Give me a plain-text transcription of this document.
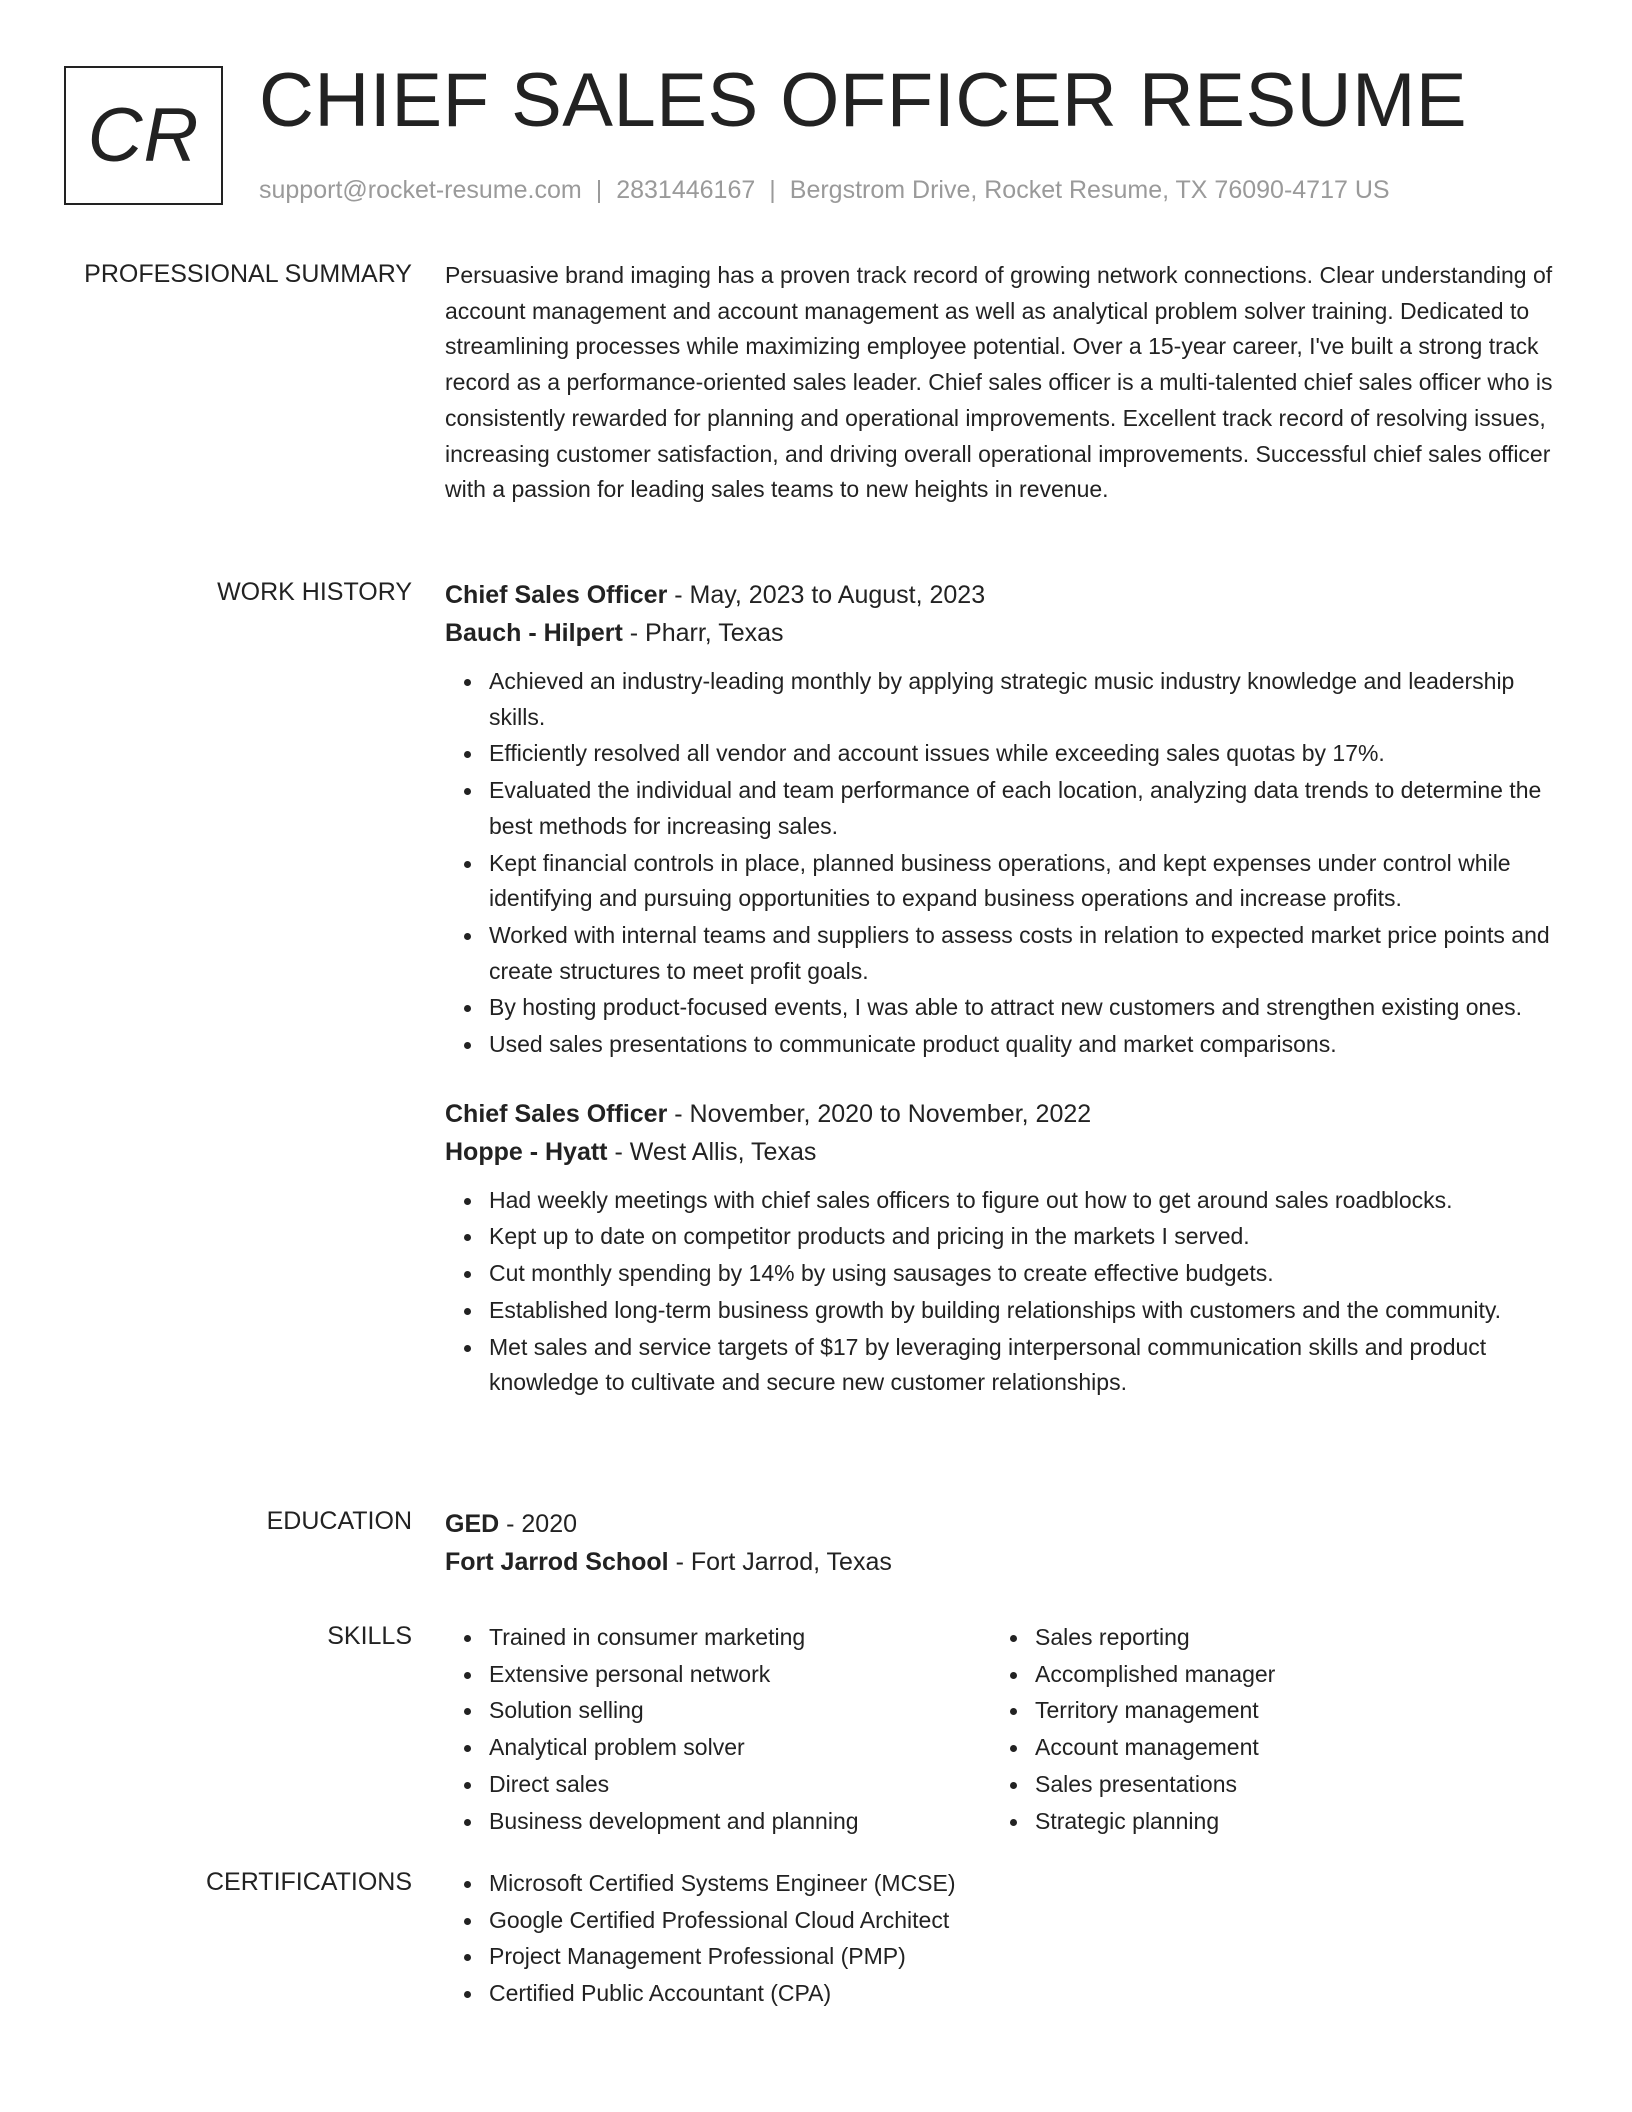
CR CHIEF SALES OFFICER RESUME
support@rocket-resume.com | 2831446167 | Bergstrom Drive, Rocket Resume, TX 76090-4717 US
PROFESSIONAL SUMMARY Persuasive brand imaging has a proven track record of growing network connections. Clear understanding of account management and account management as well as analytical problem solver training. Dedicated to streamlining processes while maximizing employee potential. Over a 15-year career, I've built a strong track record as a performance-oriented sales leader. Chief sales officer is a multi-talented chief sales officer who is consistently rewarded for planning and operational improvements. Excellent track record of resolving issues, increasing customer satisfaction, and driving overall operational improvements. Successful chief sales officer with a passion for leading sales teams to new heights in revenue.

WORK HISTORY Chief Sales Officer - May, 2023 to August, 2023
Bauch - Hilpert - Pharr, Texas
Achieved an industry-leading monthly by applying strategic music industry knowledge and leadership skills.
Efficiently resolved all vendor and account issues while exceeding sales quotas by 17%.
Evaluated the individual and team performance of each location, analyzing data trends to determine the best methods for increasing sales.
Kept financial controls in place, planned business operations, and kept expenses under control while identifying and pursuing opportunities to expand business operations and increase profits.
Worked with internal teams and suppliers to assess costs in relation to expected market price points and create structures to meet profit goals.
By hosting product-focused events, I was able to attract new customers and strengthen existing ones.
Used sales presentations to communicate product quality and market comparisons.
Chief Sales Officer - November, 2020 to November, 2022
Hoppe - Hyatt - West Allis, Texas
Had weekly meetings with chief sales officers to figure out how to get around sales roadblocks.
Kept up to date on competitor products and pricing in the markets I served.
Cut monthly spending by 14% by using sausages to create effective budgets.
Established long-term business growth by building relationships with customers and the community.
Met sales and service targets of $17 by leveraging interpersonal communication skills and product knowledge to cultivate and secure new customer relationships.
EDUCATION GED - 2020
Fort Jarrod School - Fort Jarrod, Texas
SKILLS	Trained in consumer marketing
Extensive personal network
Solution selling
Analytical problem solver
Direct sales
Business development and planning
Sales reporting
Accomplished manager
Territory management
Account management
Sales presentations
Strategic planning
CERTIFICATIONS	Microsoft Certified Systems Engineer (MCSE)
Google Certified Professional Cloud Architect
Project Management Professional (PMP)
Certified Public Accountant (CPA)
